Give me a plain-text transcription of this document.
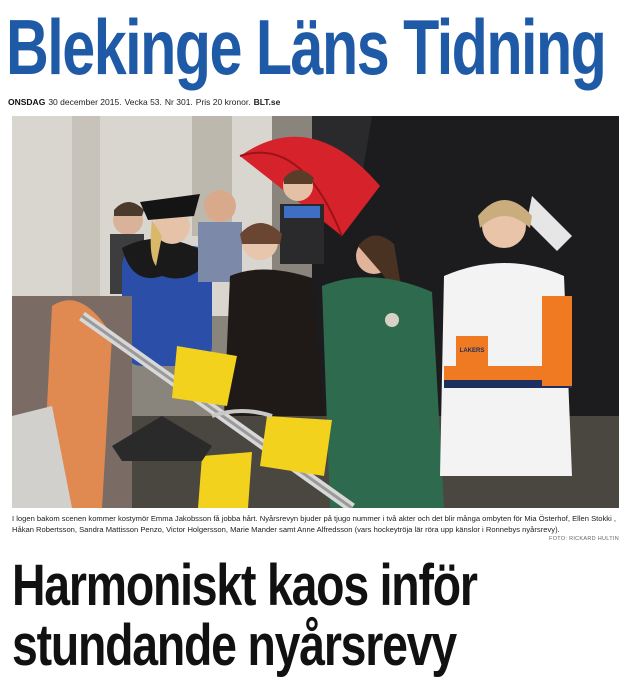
Blekinge Läns Tidning
ONSDAG 30 december 2015. Vecka 53. Nr 301. Pris 20 kronor. BLT.se
LAKERS
I logen bakom scenen kommer kostymör Emma Jakobsson få jobba hårt. Nyårsrevyn bjuder på tjugo nummer i två akter och det blir många ombyten för Mia Österhof, Ellen Stokki , Håkan Robertsson, Sandra Mattisson Penzo, Victor Holgersson, Marie Mander samt Anne Alfredsson (vars hockeytröja lär röra upp känslor i Ronnebys nyårsrevy).
FOTO: RICKARD HULTIN
Harmoniskt kaos inför
stundande nyårsrevy
